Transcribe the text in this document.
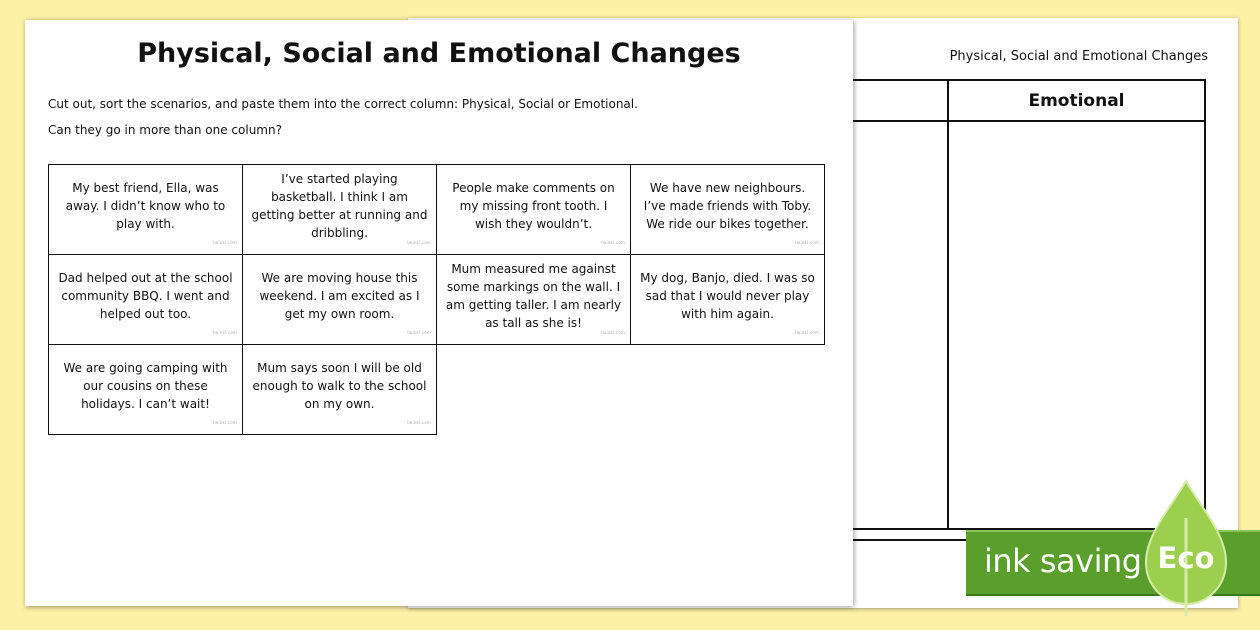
Physical, Social and Emotional Changes
Emotional
Physical, Social and Emotional Changes
Cut out, sort the scenarios, and paste them into the correct column: Physical, Social or Emotional.
Can they go in more than one column?
My best friend, Ella, was away. I didn’t know who to play with.
twinkl.com
I’ve started playing basketball. I think I am getting better at running and dribbling.
twinkl.com
People make comments on my missing front tooth. I wish they wouldn’t.
twinkl.com
We have new neighbours. I’ve made friends with Toby. We ride our bikes together.
twinkl.com
Dad helped out at the school community BBQ. I went and helped out too.
twinkl.com
We are moving house this weekend. I am excited as I get my own room.
twinkl.com
Mum measured me against some markings on the wall. I am getting taller. I am nearly as tall as she is!
twinkl.com
My dog, Banjo, died. I was so sad that I would never play with him again.
twinkl.com
We are going camping with our cousins on these holidays. I can’t wait!
twinkl.com
Mum says soon I will be old enough to walk to the school on my own.
twinkl.com
ink saving Eco
